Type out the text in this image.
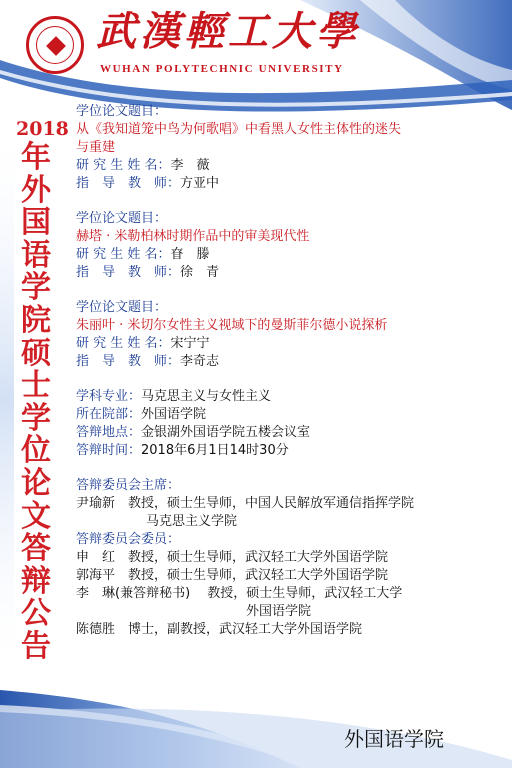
武漢輕工大學
WUHAN POLYTECHNIC UNIVERSITY
2018
年
外
国
语
学
院
硕
士
学
位
论
文
答
辩
公
告
学位论文题目：
从《我知道笼中鸟为何歌唱》中看黑人女性主体性的迷失
与重建
研 究 生 姓 名：李　薇
指　导　教　师：方亚中
学位论文题目：
赫塔 · 米勒柏林时期作品中的审美现代性
研 究 生 姓 名：眘　滕
指　导　教　师：徐　青
学位论文题目：
朱丽叶 · 米切尔女性主义视域下的曼斯菲尔德小说探析
研 究 生 姓 名：宋宁宁
指　导　教　师：李奇志
学科专业：马克思主义与女性主义
所在院部：外国语学院
答辩地点：金银湖外国语学院五楼会议室
答辩时间：2018年6月1日14时30分
答辩委员会主席：
尹瑜新　教授，硕士生导师，中国人民解放军通信指挥学院
马克思主义学院
答辩委员会委员：
申　红　教授，硕士生导师，武汉轻工大学外国语学院
郭海平　教授，硕士生导师，武汉轻工大学外国语学院
李　琳(兼答辩秘书)　 教授，硕士生导师，武汉轻工大学
外国语学院
陈德胜　博士，副教授，武汉轻工大学外国语学院
外国语学院
